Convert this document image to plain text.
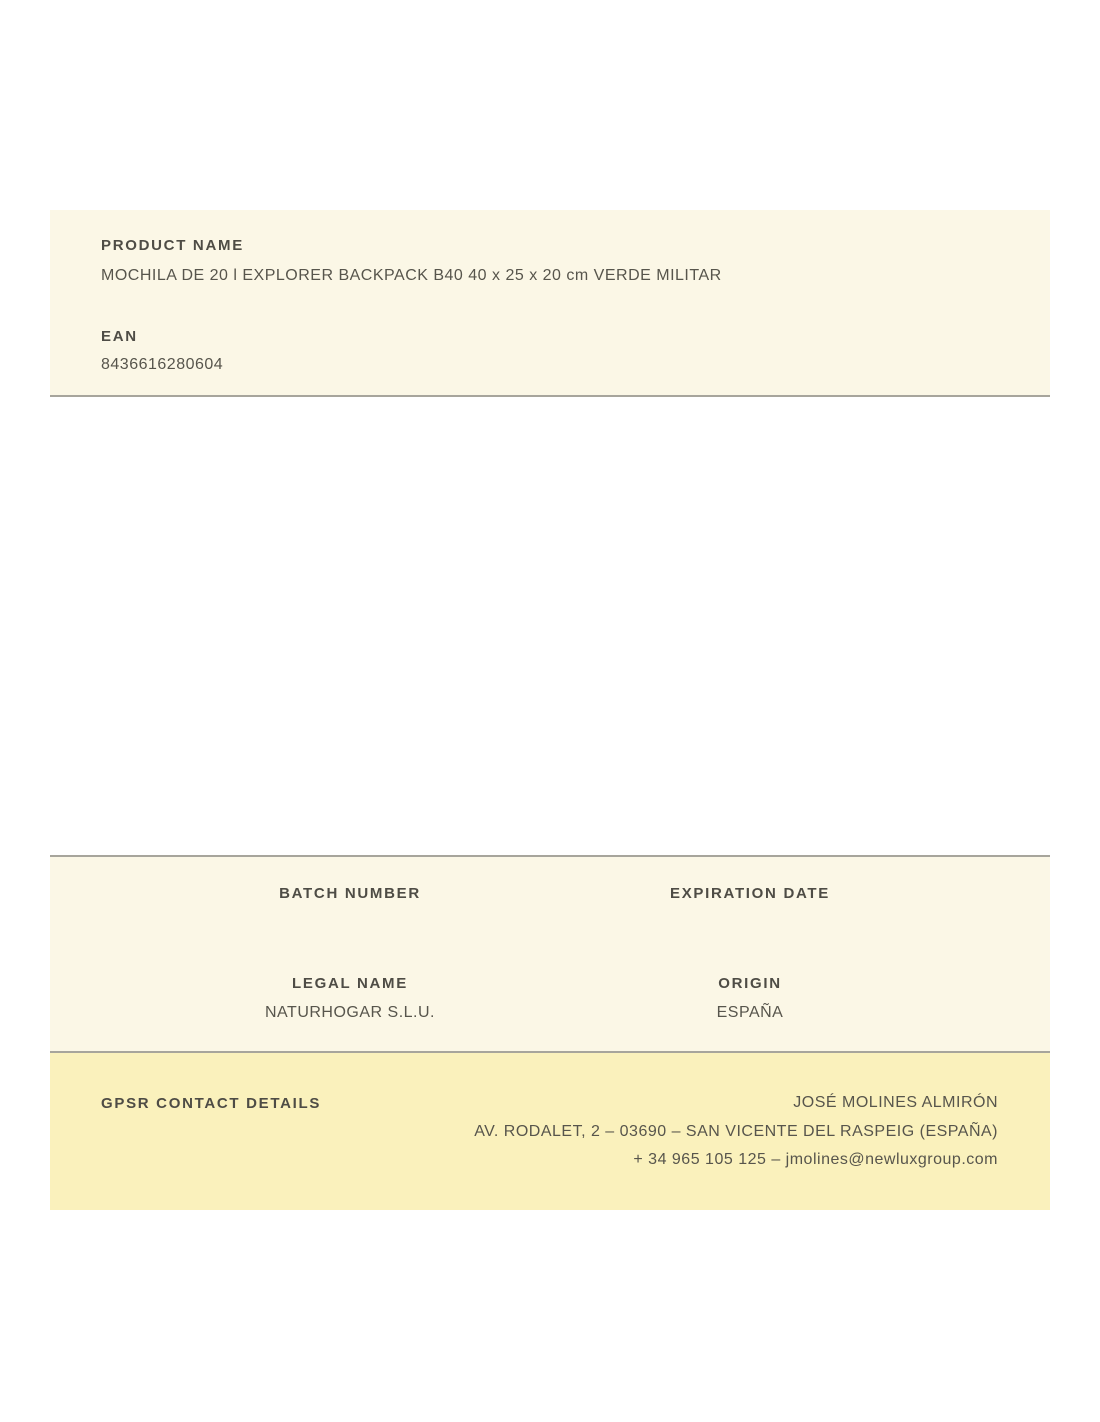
PRODUCT NAME
MOCHILA DE 20 l EXPLORER BACKPACK B40 40 x 25 x 20 cm VERDE MILITAR
EAN
8436616280604
BATCH NUMBER	EXPIRATION DATE
LEGAL NAME
NATURHOGAR S.L.U.
ORIGIN
ESPAÑA
GPSR CONTACT DETAILS	JOSÉ MOLINES ALMIRÓN
AV. RODALET, 2 – 03690 – SAN VICENTE DEL RASPEIG (ESPAÑA)
+ 34 965 105 125 – jmolines@newluxgroup.com
